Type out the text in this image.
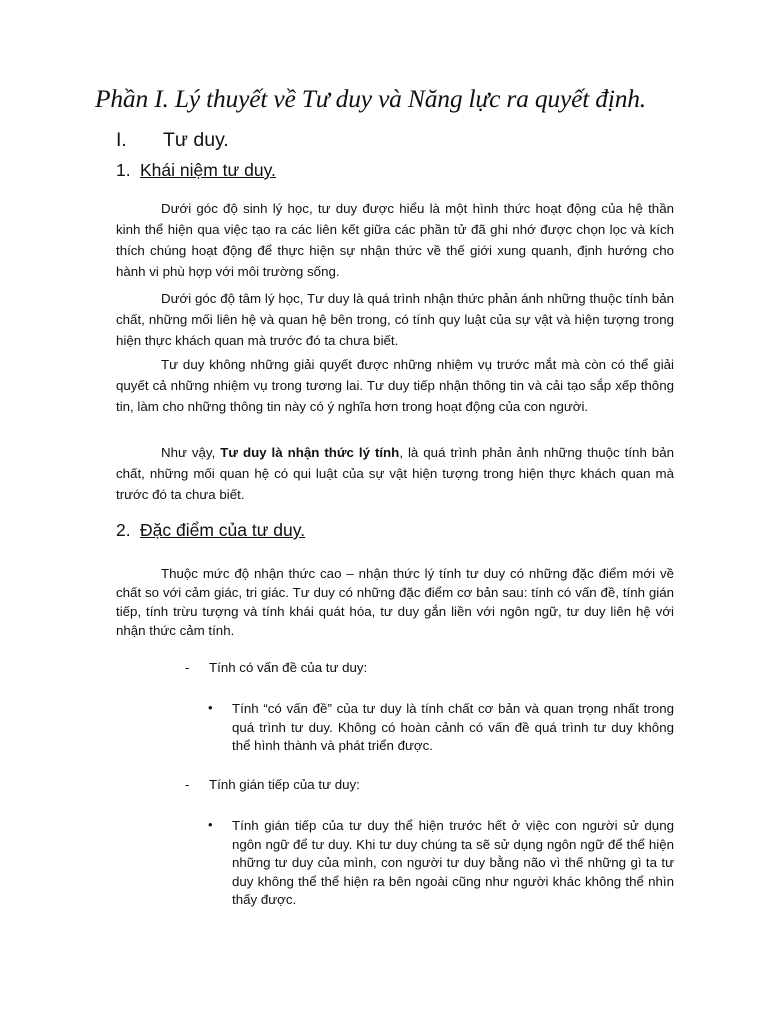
Phần I. Lý thuyết về Tư duy và Năng lực ra quyết định.
I. Tư duy.
1. Khái niệm tư duy.
Dưới góc độ sinh lý học, tư duy được hiểu là một hình thức hoạt động của hệ thần kinh thể hiện qua việc tạo ra các liên kết giữa các phần tử đã ghi nhớ được chọn lọc và kích thích chúng hoạt động để thực hiện sự nhận thức về thế giới xung quanh, định hướng cho hành vi phù hợp với môi trường sống.
Dưới góc độ tâm lý học, Tư duy là quá trình nhận thức phản ánh những thuộc tính bản chất, những mối liên hệ và quan hệ bên trong, có tính quy luật của sự vật và hiện tượng trong hiện thực khách quan mà trước đó ta chưa biết.
Tư duy không những giải quyết được những nhiệm vụ trước mắt mà còn có thể giải quyết cả những nhiệm vụ trong tương lai. Tư duy tiếp nhận thông tin và cải tạo sắp xếp thông tin, làm cho những thông tin này có ý nghĩa hơn trong hoạt động của con người.
Như vậy, Tư duy là nhận thức lý tính, là quá trình phản ảnh những thuộc tính bản chất, những mối quan hệ có qui luật của sự vật hiện tượng trong hiện thực khách quan mà trước đó ta chưa biết.
2. Đặc điểm của tư duy.
Thuộc mức độ nhận thức cao – nhận thức lý tính tư duy có những đặc điểm mới về chất so với cảm giác, tri giác. Tư duy có những đặc điểm cơ bản sau: tính có vấn đề, tính gián tiếp, tính trừu tượng và tính khái quát hóa, tư duy gắn liền với ngôn ngữ, tư duy liên hệ với nhận thức cảm tính.
- Tính có vấn đề của tư duy:
• Tính “có vấn đề” của tư duy là tính chất cơ bản và quan trọng nhất trong quá trình tư duy. Không có hoàn cảnh có vấn đề quá trình tư duy không thể hình thành và phát triển được.
- Tính gián tiếp của tư duy:
• Tính gián tiếp của tư duy thể hiện trước hết ở việc con người sử dụng ngôn ngữ để tư duy. Khi tư duy chúng ta sẽ sử dụng ngôn ngữ để thể hiện những tư duy của mình, con người tư duy bằng não vì thế những gì ta tư duy không thể thể hiện ra bên ngoài cũng như người khác không thể nhìn thấy được.
